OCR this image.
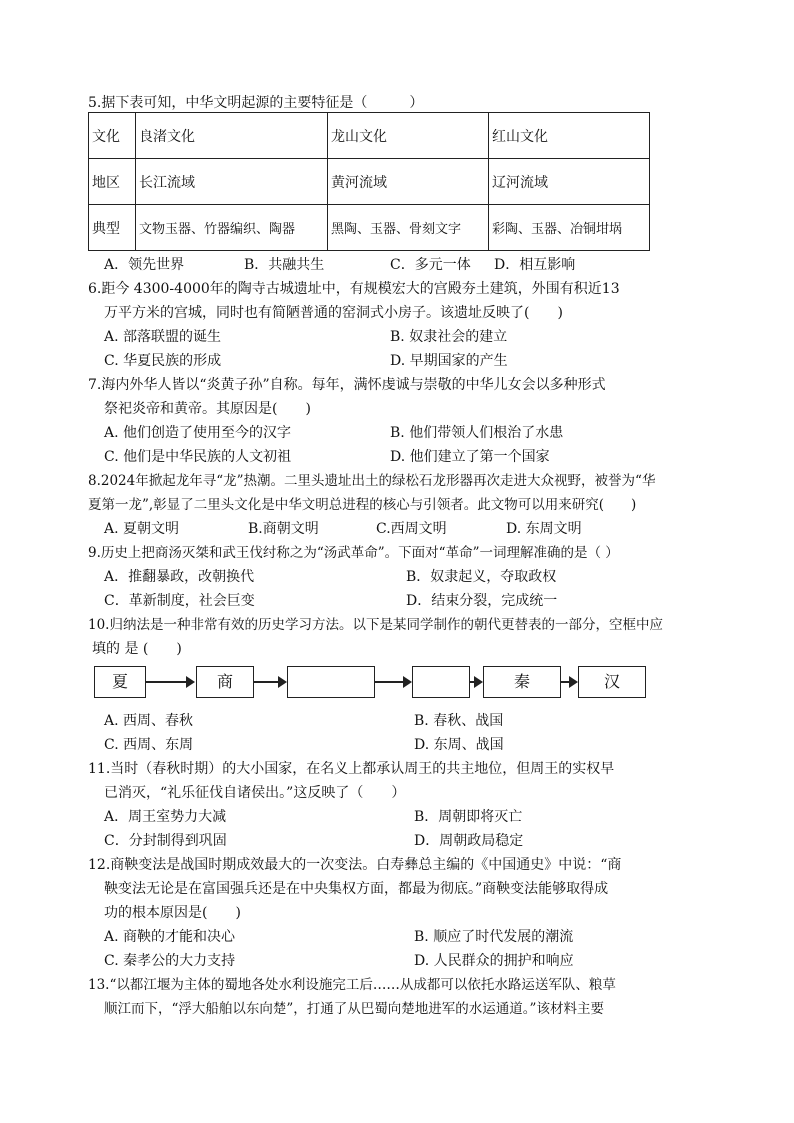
5.据下表可知，中华文明起源的主要特征是（　　　）
文化	良渚文化	龙山文化	红山文化
地区	长江流域	黄河流域	辽河流域
典型	文物玉器、竹器编织、陶器	黑陶、玉器、骨刻文字	彩陶、玉器、冶铜坩埚
A．领先世界	B．共融共生	C．多元一体 D．相互影响
6.距今 4300-4000年的陶寺古城遗址中，有规模宏大的宫殿夯土建筑，外围有积近13
万平方米的宫城，同时也有简陋普通的窑洞式小房子。该遗址反映了(　　)
A. 部落联盟的诞生	B. 奴隶社会的建立
C. 华夏民族的形成	D. 早期国家的产生
7.海内外华人皆以“炎黄子孙”自称。每年，满怀虔诚与崇敬的中华儿女会以多种形式
祭祀炎帝和黄帝。其原因是(　　)
A. 他们创造了使用至今的汉字	B. 他们带领人们根治了水患
C. 他们是中华民族的人文初祖	D. 他们建立了第一个国家
8.2024年掀起龙年寻“龙”热潮。二里头遗址出土的绿松石龙形器再次走进大众视野，被誉为“华
夏第一龙”,彰显了二里头文化是中华文明总进程的核心与引领者。此文物可以用来研究(　　)
A. 夏朝文明	B.商朝文明	C.西周文明	D. 东周文明
9.历史上把商汤灭桀和武王伐纣称之为“汤武革命”。下面对“革命”一词理解准确的是（ ）
A．推翻暴政，改朝换代	B．奴隶起义，夺取政权
C．革新制度，社会巨变	D．结束分裂，完成统一
10.归纳法是一种非常有效的历史学习方法。以下是某同学制作的朝代更替表的一部分，空框中应
填的 是 (　　)
夏	商	秦	汉
A. 西周、春秋	B. 春秋、战国
C. 西周、东周	D. 东周、战国
11.当时（春秋时期）的大小国家，在名义上都承认周王的共主地位，但周王的实权早
已消灭，“礼乐征伐自诸侯出。”这反映了（　　）
A．周王室势力大减	B．周朝即将灭亡
C．分封制得到巩固	D．周朝政局稳定
12.商鞅变法是战国时期成效最大的一次变法。白寿彝总主编的《中国通史》中说：“商
鞅变法无论是在富国强兵还是在中央集权方面，都最为彻底。”商鞅变法能够取得成
功的根本原因是(　　)
A. 商鞅的才能和决心	B. 顺应了时代发展的潮流
C. 秦孝公的大力支持	D. 人民群众的拥护和响应
13.“以都江堰为主体的蜀地各处水利设施完工后……从成都可以依托水路运送军队、粮草
顺江而下，“浮大船舶以东向楚”，打通了从巴蜀向楚地进军的水运通道。”该材料主要
